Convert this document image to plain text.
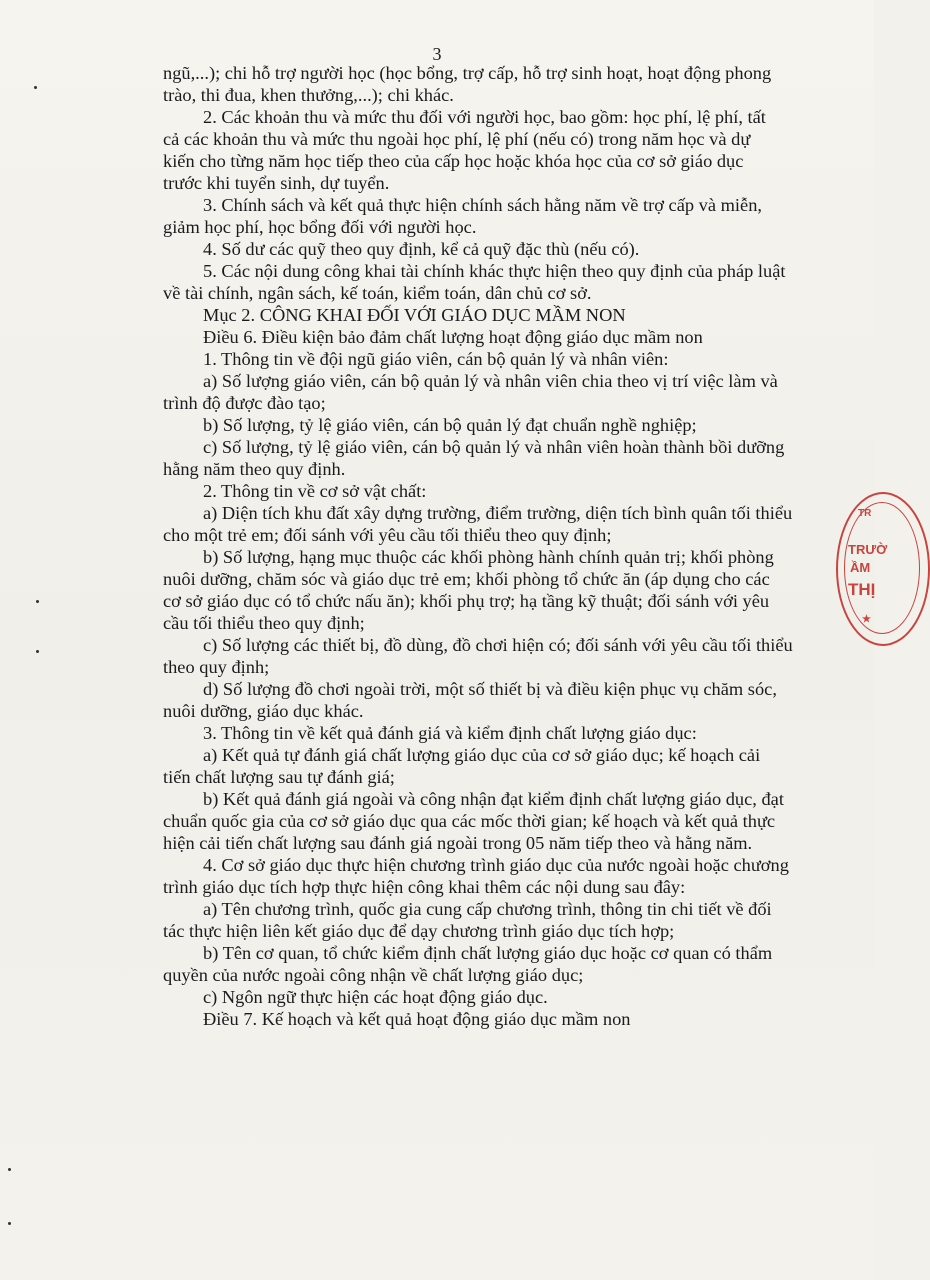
3
ngũ,...); chi hỗ trợ người học (học bổng, trợ cấp, hỗ trợ sinh hoạt, hoạt động phong
trào, thi đua, khen thưởng,...); chi khác.
2. Các khoản thu và mức thu đối với người học, bao gồm: học phí, lệ phí, tất
cả các khoản thu và mức thu ngoài học phí, lệ phí (nếu có) trong năm học và dự
kiến cho từng năm học tiếp theo của cấp học hoặc khóa học của cơ sở giáo dục
trước khi tuyển sinh, dự tuyển.
3. Chính sách và kết quả thực hiện chính sách hằng năm về trợ cấp và miễn,
giảm học phí, học bổng đối với người học.
4. Số dư các quỹ theo quy định, kể cả quỹ đặc thù (nếu có).
5. Các nội dung công khai tài chính khác thực hiện theo quy định của pháp luật
về tài chính, ngân sách, kế toán, kiểm toán, dân chủ cơ sở.
Mục 2. CÔNG KHAI ĐỐI VỚI GIÁO DỤC MẦM NON
Điều 6. Điều kiện bảo đảm chất lượng hoạt động giáo dục mầm non
1. Thông tin về đội ngũ giáo viên, cán bộ quản lý và nhân viên:
a) Số lượng giáo viên, cán bộ quản lý và nhân viên chia theo vị trí việc làm và
trình độ được đào tạo;
b) Số lượng, tỷ lệ giáo viên, cán bộ quản lý đạt chuẩn nghề nghiệp;
c) Số lượng, tỷ lệ giáo viên, cán bộ quản lý và nhân viên hoàn thành bồi dưỡng
hằng năm theo quy định.
2. Thông tin về cơ sở vật chất:
a) Diện tích khu đất xây dựng trường, điểm trường, diện tích bình quân tối thiểu
cho một trẻ em; đối sánh với yêu cầu tối thiểu theo quy định;
b) Số lượng, hạng mục thuộc các khối phòng hành chính quản trị; khối phòng
nuôi dưỡng, chăm sóc và giáo dục trẻ em; khối phòng tổ chức ăn (áp dụng cho các
cơ sở giáo dục có tổ chức nấu ăn); khối phụ trợ; hạ tầng kỹ thuật; đối sánh với yêu
cầu tối thiểu theo quy định;
c) Số lượng các thiết bị, đồ dùng, đồ chơi hiện có; đối sánh với yêu cầu tối thiểu
theo quy định;
d) Số lượng đồ chơi ngoài trời, một số thiết bị và điều kiện phục vụ chăm sóc,
nuôi dưỡng, giáo dục khác.
3. Thông tin về kết quả đánh giá và kiểm định chất lượng giáo dục:
a) Kết quả tự đánh giá chất lượng giáo dục của cơ sở giáo dục; kế hoạch cải
tiến chất lượng sau tự đánh giá;
b) Kết quả đánh giá ngoài và công nhận đạt kiểm định chất lượng giáo dục, đạt
chuẩn quốc gia của cơ sở giáo dục qua các mốc thời gian; kế hoạch và kết quả thực
hiện cải tiến chất lượng sau đánh giá ngoài trong 05 năm tiếp theo và hằng năm.
4. Cơ sở giáo dục thực hiện chương trình giáo dục của nước ngoài hoặc chương
trình giáo dục tích hợp thực hiện công khai thêm các nội dung sau đây:
a) Tên chương trình, quốc gia cung cấp chương trình, thông tin chi tiết về đối
tác thực hiện liên kết giáo dục để dạy chương trình giáo dục tích hợp;
b) Tên cơ quan, tổ chức kiểm định chất lượng giáo dục hoặc cơ quan có thẩm
quyền của nước ngoài công nhận về chất lượng giáo dục;
c) Ngôn ngữ thực hiện các hoạt động giáo dục.
Điều 7. Kế hoạch và kết quả hoạt động giáo dục mầm non
TR
TRƯỜ
ẦM
THỊ
★
